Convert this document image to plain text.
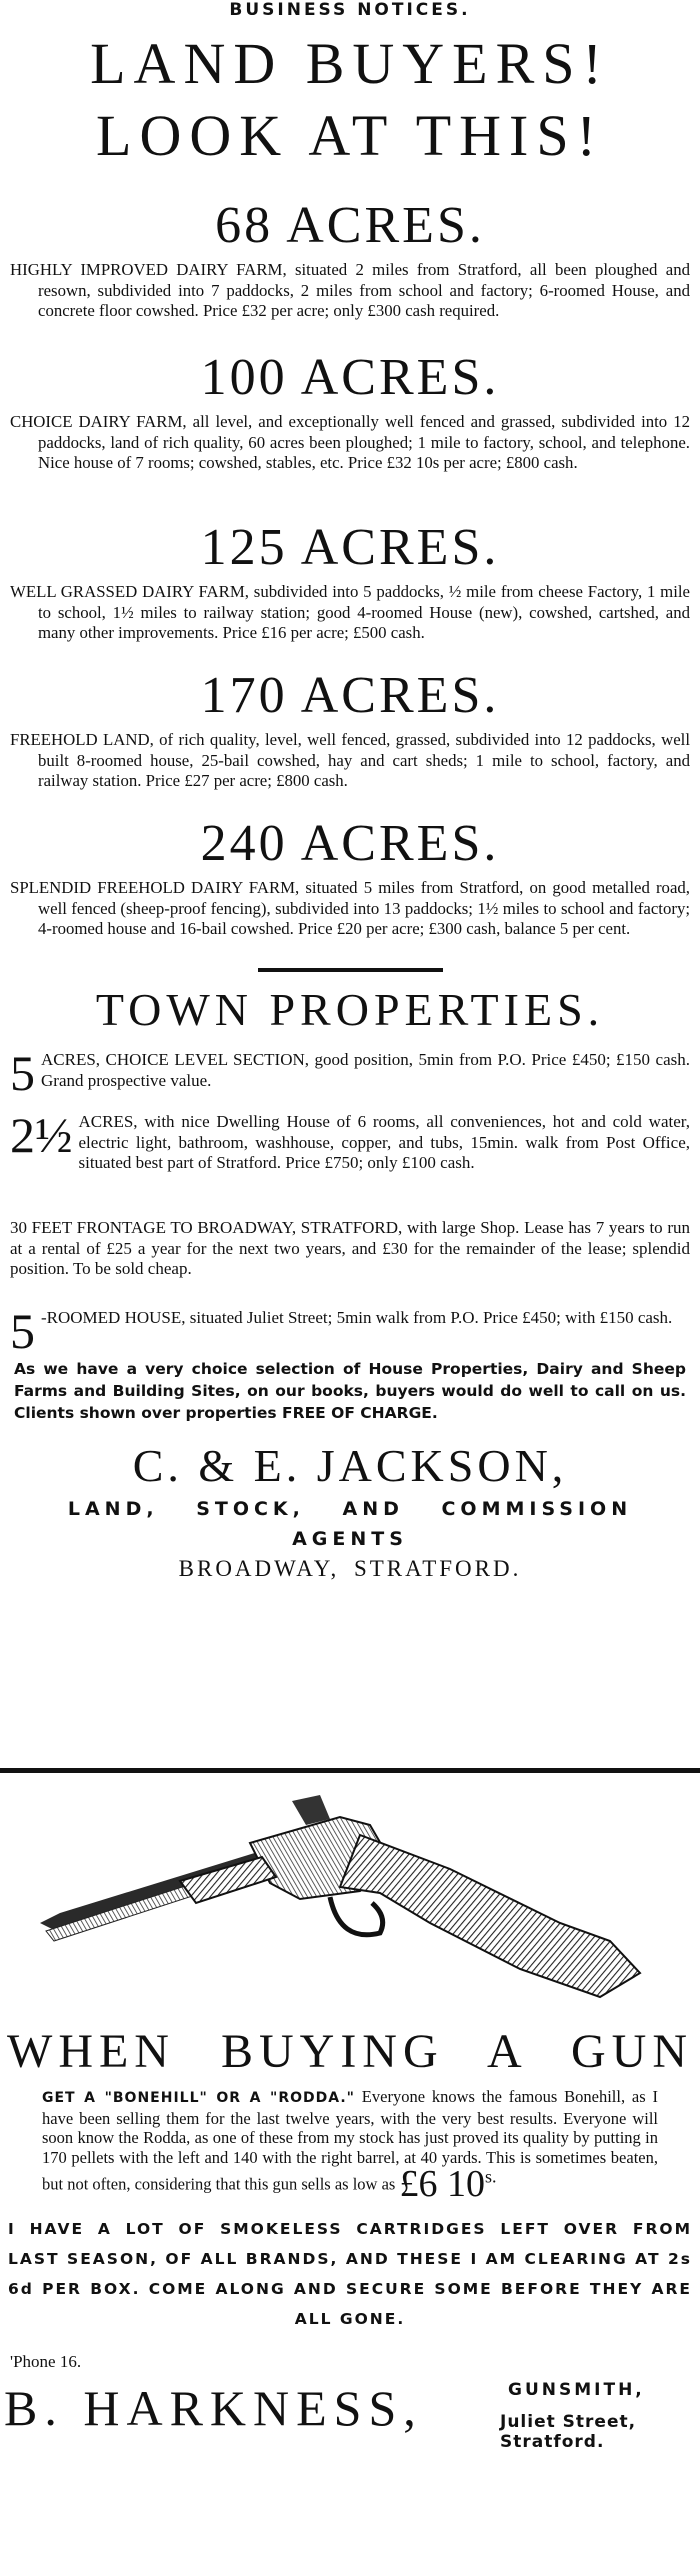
BUSINESS NOTICES.
LAND BUYERS!
LOOK AT THIS!
68 ACRES.

HIGHLY IMPROVED DAIRY FARM, situated 2 miles from Stratford, all been ploughed and resown, subdivided into 7 paddocks, 2 miles from school and factory; 6-roomed House, and concrete floor cowshed. Price £32 per acre; only £300 cash required.

100 ACRES.

CHOICE DAIRY FARM, all level, and exceptionally well fenced and grassed, subdivided into 12 paddocks, land of rich quality, 60 acres been ploughed; 1 mile to factory, school, and telephone. Nice house of 7 rooms; cowshed, stables, etc. Price £32 10s per acre; £800 cash.

125 ACRES.

WELL GRASSED DAIRY FARM, subdivided into 5 paddocks, ½ mile from cheese Factory, 1 mile to school, 1½ miles to railway station; good 4-roomed House (new), cowshed, cartshed, and many other improvements. Price £16 per acre; £500 cash.

170 ACRES.

FREEHOLD LAND, of rich quality, level, well fenced, grassed, subdivided into 12 paddocks, well built 8-roomed house, 25-bail cowshed, hay and cart sheds; 1 mile to school, factory, and railway station. Price £27 per acre; £800 cash.

240 ACRES.

SPLENDID FREEHOLD DAIRY FARM, situated 5 miles from Stratford, on good metalled road, well fenced (sheep-proof fencing), subdivided into 13 paddocks; 1½ miles to school and factory; 4-roomed house and 16-bail cowshed. Price £20 per acre; £300 cash, balance 5 per cent.

TOWN PROPERTIES.
5 ACRES, CHOICE LEVEL SECTION, good position, 5min from P.O. Price £450; £150 cash. Grand prospective value.
2½ ACRES, with nice Dwelling House of 6 rooms, all conveniences, hot and cold water, electric light, bathroom, washhouse, copper, and tubs, 15min. walk from Post Office, situated best part of Stratford. Price £750; only £100 cash.
30 FEET FRONTAGE TO BROADWAY, STRATFORD, with large Shop. Lease has 7 years to run at a rental of £25 a year for the next two years, and £30 for the remainder of the lease; splendid position. To be sold cheap.
5 -ROOMED HOUSE, situated Juliet Street; 5min walk from P.O. Price £450; with £150 cash.

As we have a very choice selection of House Properties, Dairy and Sheep Farms and Building Sites, on our books, buyers would do well to call on us. Clients shown over properties FREE OF CHARGE.

C. & E. JACKSON,
LAND, STOCK, AND COMMISSION AGENTS
BROADWAY, STRATFORD.
WHEN BUYING A GUN

GET A "BONEHILL" OR A "RODDA." Everyone knows the famous Bonehill, as I have been selling them for the last twelve years, with the very best results. Everyone will soon know the Rodda, as one of these from my stock has just proved its quality by putting in 170 pellets with the left and 140 with the right barrel, at 40 yards. This is sometimes beaten, but not often, considering that this gun sells as low as £6 $10^{s.}$

I HAVE A LOT OF SMOKELESS CARTRIDGES LEFT OVER FROM LAST SEASON, OF ALL BRANDS, AND THESE I AM CLEARING AT 2s 6d PER BOX. COME ALONG AND SECURE SOME BEFORE THEY ARE ALL GONE.

'Phone 16.

B. HARKNESS,	GUNSMITH,
Juliet Street, Stratford.
